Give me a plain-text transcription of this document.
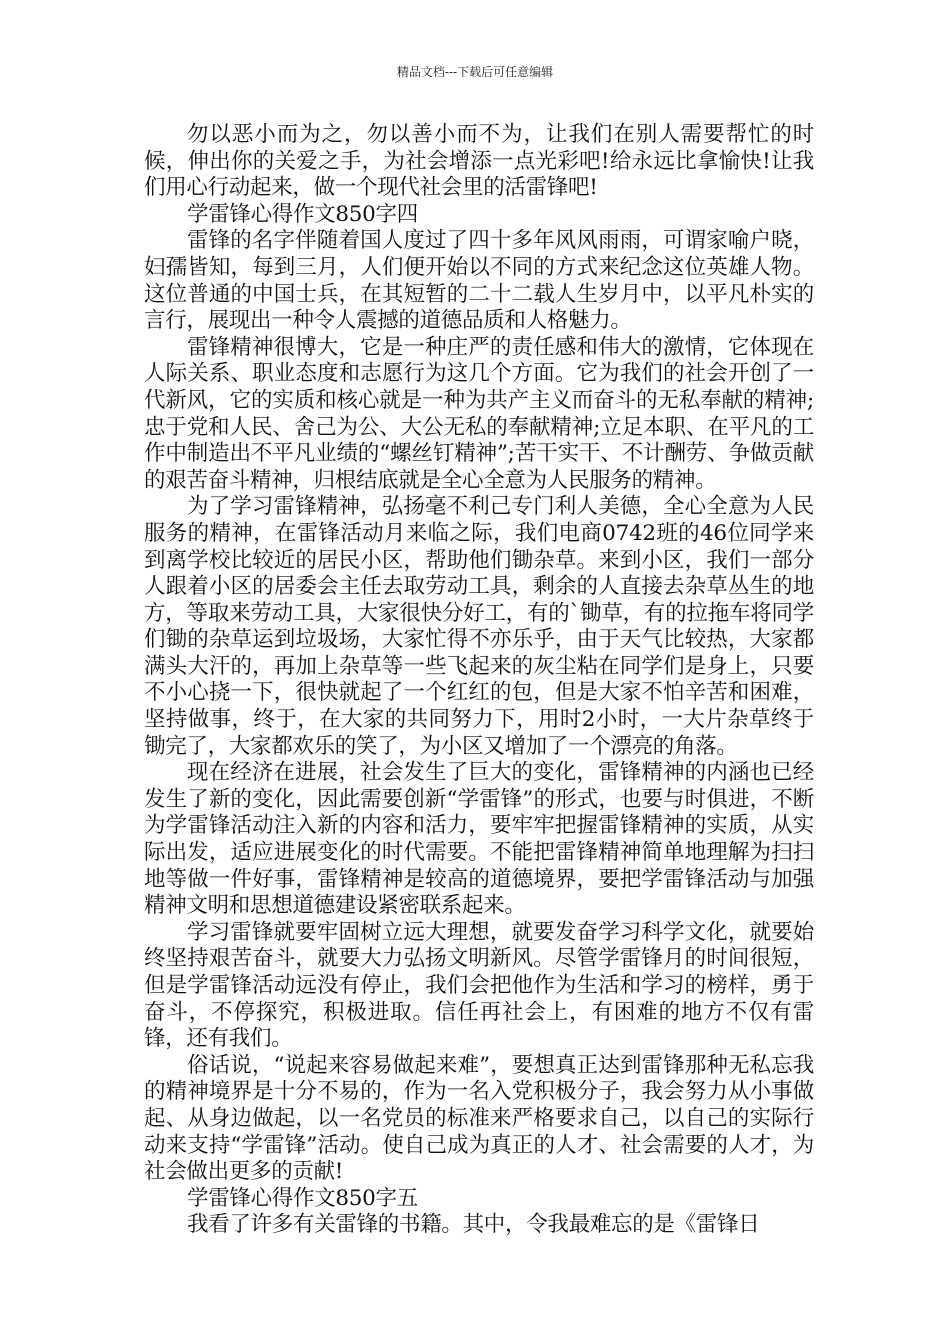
精品文档---下载后可任意编辑

勿以恶小而为之，勿以善小而不为，让我们在别人需要帮忙的时候，伸出你的关爱之手，为社会增添一点光彩吧!给永远比拿愉快!让我们用心行动起来，做一个现代社会里的活雷锋吧!

学雷锋心得作文850字四

雷锋的名字伴随着国人度过了四十多年风风雨雨，可谓家喻户晓，妇孺皆知，每到三月，人们便开始以不同的方式来纪念这位英雄人物。这位普通的中国士兵，在其短暂的二十二载人生岁月中，以平凡朴实的言行，展现出一种令人震撼的道德品质和人格魅力。

雷锋精神很博大，它是一种庄严的责任感和伟大的激情，它体现在人际关系、职业态度和志愿行为这几个方面。它为我们的社会开创了一代新风，它的实质和核心就是一种为共产主义而奋斗的无私奉献的精神;忠于党和人民、舍己为公、大公无私的奉献精神;立足本职、在平凡的工作中制造出不平凡业绩的“螺丝钉精神”;苦干实干、不计酬劳、争做贡献的艰苦奋斗精神，归根结底就是全心全意为人民服务的精神。

为了学习雷锋精神，弘扬毫不利己专门利人美德，全心全意为人民服务的精神，在雷锋活动月来临之际，我们电商0742班的46位同学来到离学校比较近的居民小区，帮助他们锄杂草。来到小区，我们一部分人跟着小区的居委会主任去取劳动工具，剩余的人直接去杂草丛生的地方，等取来劳动工具，大家很快分好工，有的`锄草，有的拉拖车将同学们锄的杂草运到垃圾场，大家忙得不亦乐乎，由于天气比较热，大家都满头大汗的，再加上杂草等一些飞起来的灰尘粘在同学们是身上，只要不小心挠一下，很快就起了一个红红的包，但是大家不怕辛苦和困难，坚持做事，终于，在大家的共同努力下，用时2小时，一大片杂草终于锄完了，大家都欢乐的笑了，为小区又增加了一个漂亮的角落。

现在经济在进展，社会发生了巨大的变化，雷锋精神的内涵也已经发生了新的变化，因此需要创新“学雷锋”的形式，也要与时俱进，不断为学雷锋活动注入新的内容和活力，要牢牢把握雷锋精神的实质，从实际出发，适应进展变化的时代需要。不能把雷锋精神简单地理解为扫扫地等做一件好事，雷锋精神是较高的道德境界，要把学雷锋活动与加强精神文明和思想道德建设紧密联系起来。

学习雷锋就要牢固树立远大理想，就要发奋学习科学文化，就要始终坚持艰苦奋斗，就要大力弘扬文明新风。尽管学雷锋月的时间很短，但是学雷锋活动远没有停止，我们会把他作为生活和学习的榜样，勇于奋斗，不停探究，积极进取。信任再社会上，有困难的地方不仅有雷锋，还有我们。

俗话说，“说起来容易做起来难”，要想真正达到雷锋那种无私忘我的精神境界是十分不易的，作为一名入党积极分子，我会努力从小事做起、从身边做起，以一名党员的标准来严格要求自己，以自己的实际行动来支持“学雷锋”活动。使自己成为真正的人才、社会需要的人才，为社会做出更多的贡献!

学雷锋心得作文850字五

我看了许多有关雷锋的书籍。其中，令我最难忘的是《雷锋日
